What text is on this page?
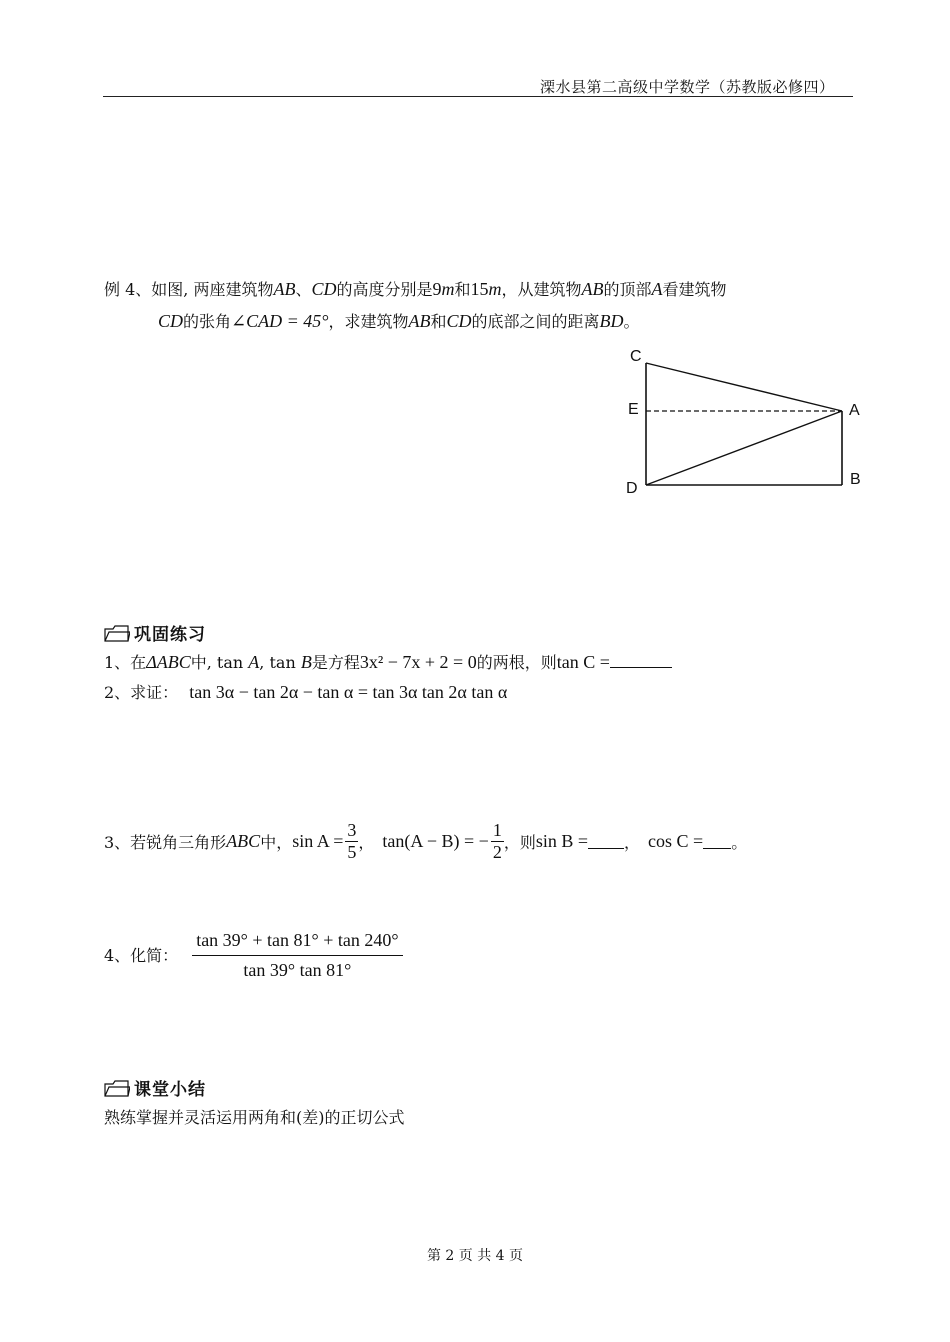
溧水县第二高级中学数学（苏教版必修四）
例 4、如图, 两座建筑物AB、CD的高度分别是9m和15m，从建筑物AB的顶部A看建筑物
CD的张角∠CAD = 45°，求建筑物AB和CD的底部之间的距离BD。
C
E	A
D
B
巩固练习
1、在ΔABC中, tan A, tan B是方程3x² − 7x + 2 = 0的两根，则tan C =
2、求证： tan 3α − tan 2α − tan α = tan 3α tan 2α tan α
3、若锐角三角形 ABC 中， $\sin A = \frac{3}{5}$ ， tan(A − B) = − $\frac{1}{2}$ ，则 sin B = ， cos C = 。
4、化简： $\frac{\tan 39^\circ + \tan 81^\circ + \tan 240^\circ}{\tan 39^\circ \tan 81^\circ}$
课堂小结
熟练掌握并灵活运用两角和(差)的正切公式
第 2 页 共 4 页
